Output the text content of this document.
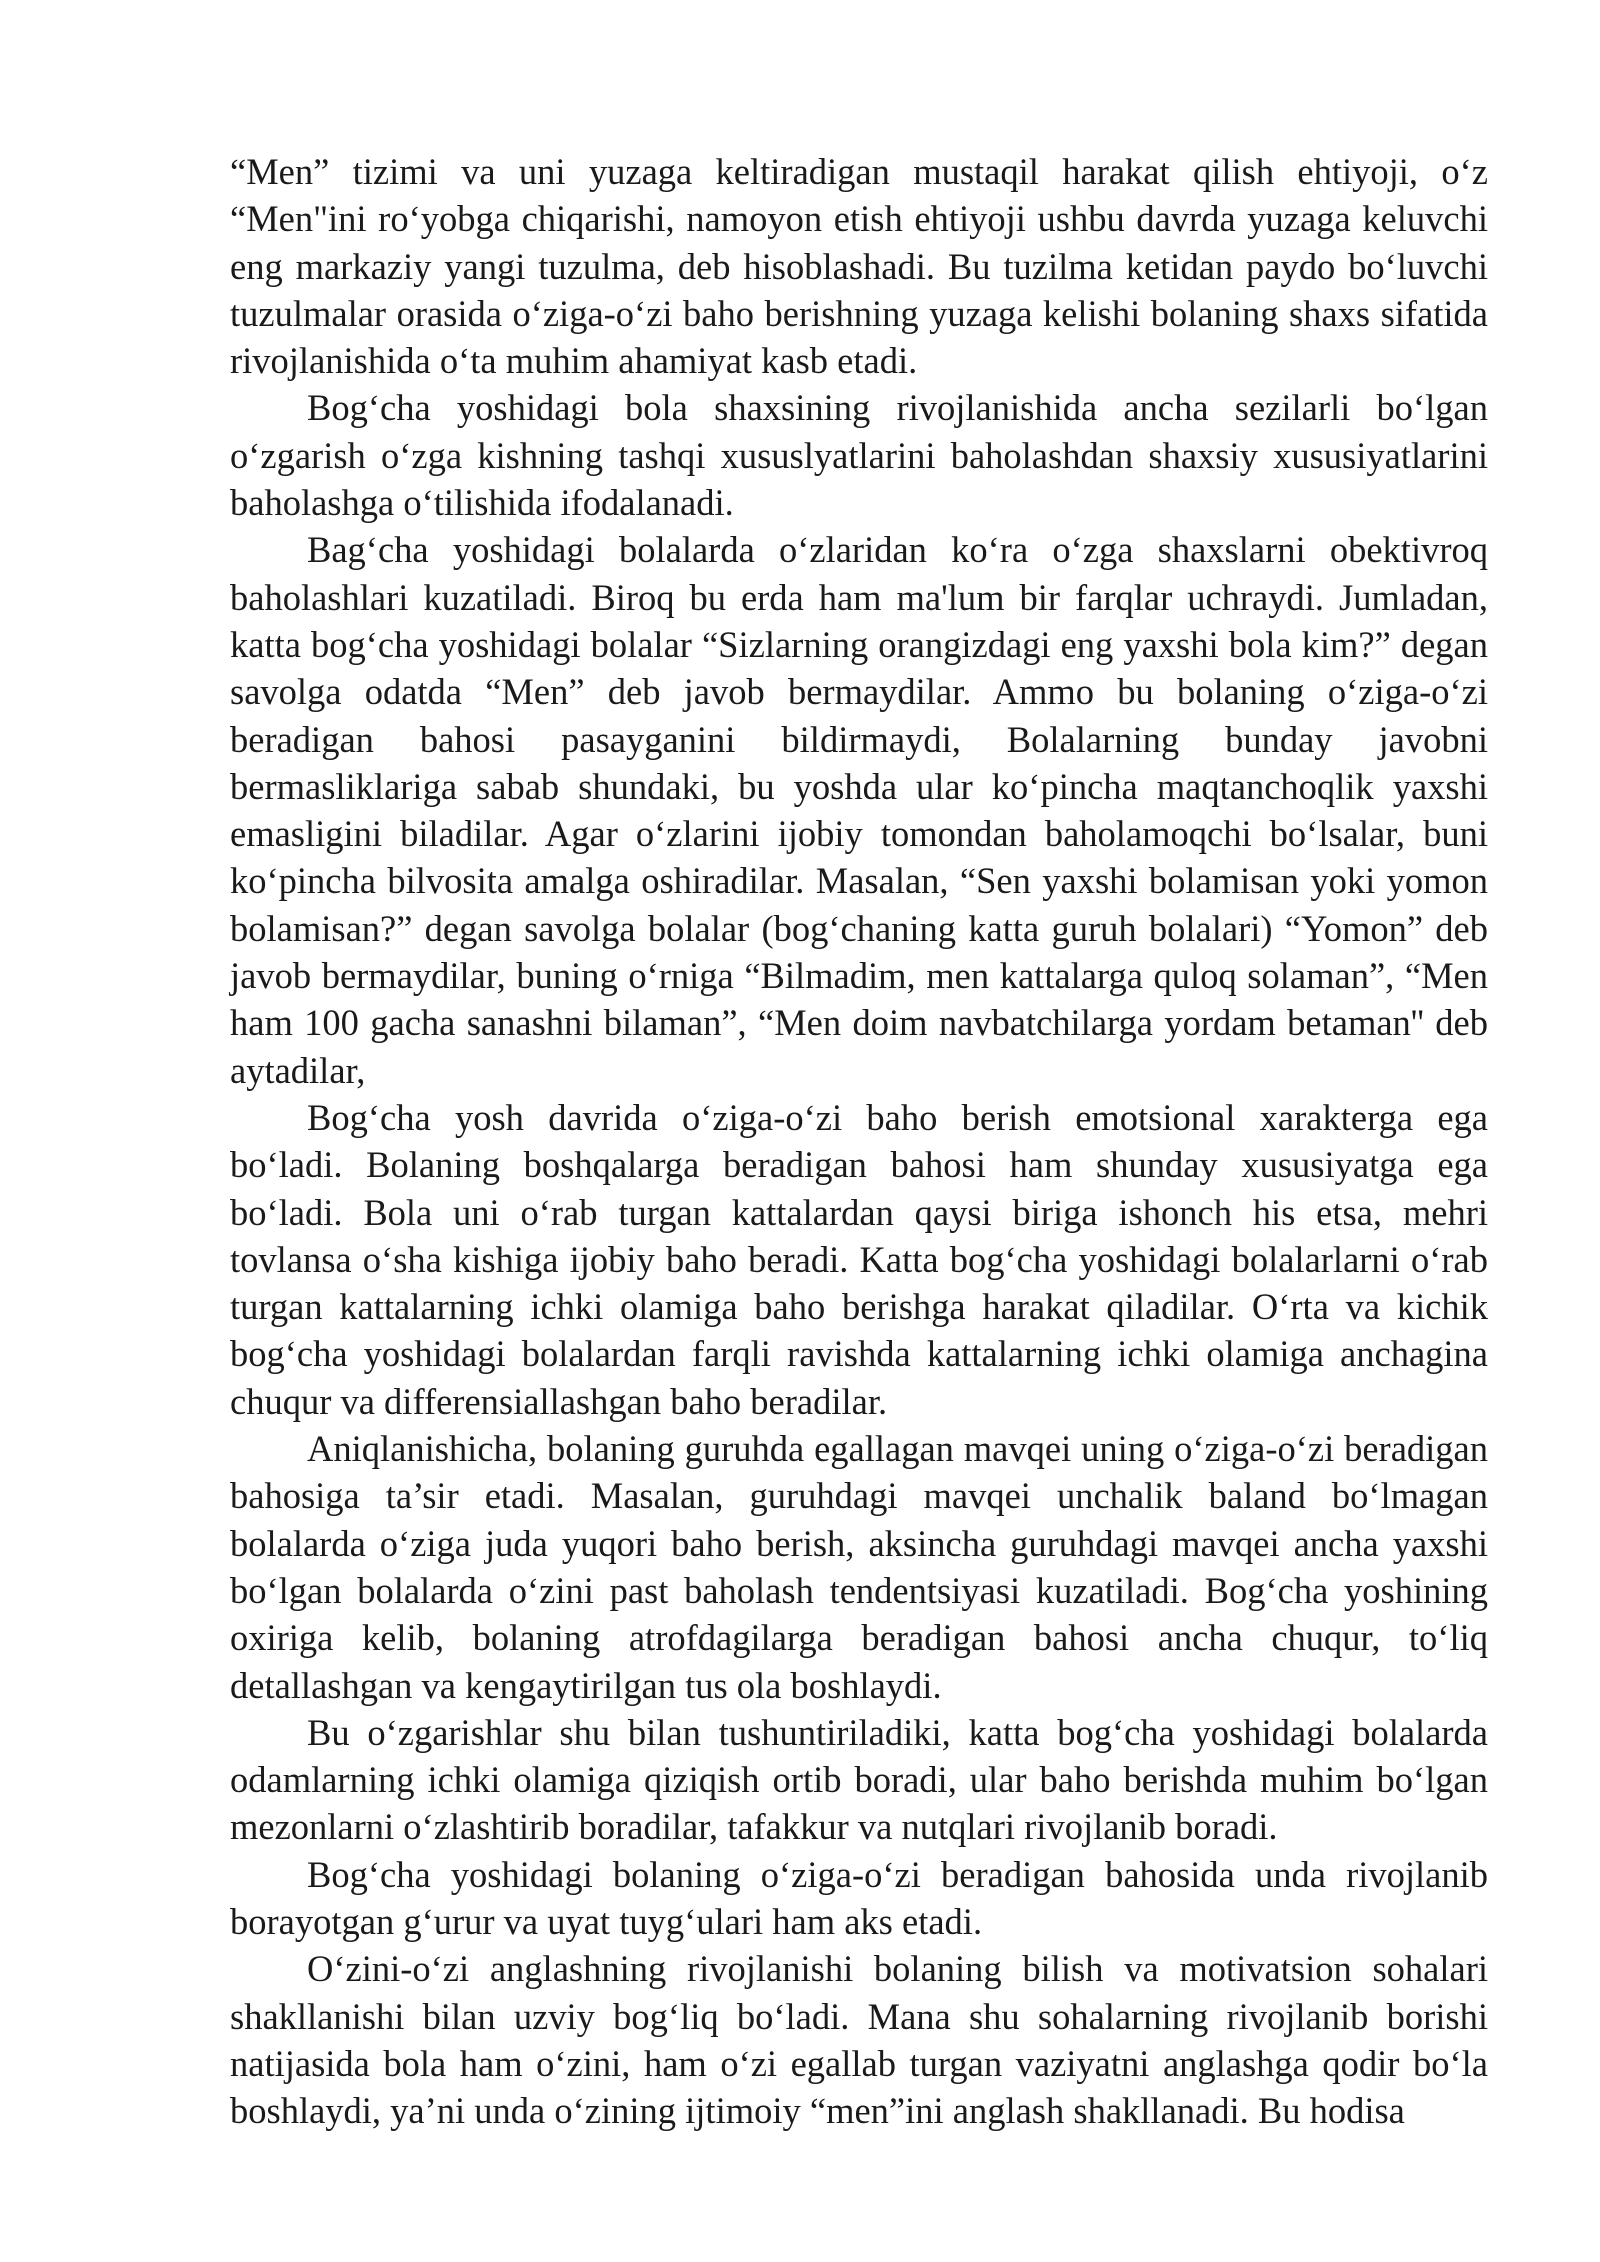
“Men” tizimi va uni yuzaga keltiradigan mustaqil harakat qilish ehtiyoji, o‘z “Men"ini ro‘yobga chiqarishi, namoyon etish ehtiyoji ushbu davrda yuzaga keluvchi eng markaziy yangi tuzulma, deb hisoblashadi. Bu tuzilma ketidan paydo bo‘luvchi tuzulmalar orasida o‘ziga-o‘zi baho berishning yuzaga kelishi bolaning shaxs sifatida rivojlanishida o‘ta muhim ahamiyat kasb etadi.

Bog‘cha yoshidagi bola shaxsining rivojlanishida ancha sezilarli bo‘lgan o‘zgarish o‘zga kishning tashqi xususlyatlarini baholashdan shaxsiy xususiyatlarini baholashga o‘tilishida ifodalanadi.

Bag‘cha yoshidagi bolalarda o‘zlaridan ko‘ra o‘zga shaxslarni obektivroq baholashlari kuzatiladi. Biroq bu erda ham ma'lum bir farqlar uchraydi. Jumladan, katta bog‘cha yoshidagi bolalar “Sizlarning orangizdagi eng yaxshi bola kim?” degan savolga odatda “Men” deb javob bermaydilar. Ammo bu bolaning o‘ziga-o‘zi beradigan bahosi pasayganini bildirmaydi, Bolalarning bunday javobni bermasliklariga sabab shundaki, bu yoshda ular ko‘pincha maqtanchoqlik yaxshi emasligini biladilar. Agar o‘zlarini ijobiy tomondan baholamoqchi bo‘lsalar, buni ko‘pincha bilvosita amalga oshiradilar. Masalan, “Sen yaxshi bolamisan yoki yomon bolamisan?” degan savolga bolalar (bog‘chaning katta guruh bolalari) “Yomon” deb javob bermaydilar, buning o‘rniga “Bilmadim, men kattalarga quloq solaman”, “Men ham 100 gacha sanashni bilaman”, “Men doim navbatchilarga yordam betaman'' deb aytadilar,

Bog‘cha yosh davrida o‘ziga-o‘zi baho berish emotsional xarakterga ega bo‘ladi. Bolaning boshqalarga beradigan bahosi ham shunday xususiyatga ega bo‘ladi. Bola uni o‘rab turgan kattalardan qaysi biriga ishonch his etsa, mehri tovlansa o‘sha kishiga ijobiy baho beradi. Katta bog‘cha yoshidagi bolalarlarni o‘rab turgan kattalarning ichki olamiga baho berishga harakat qiladilar. O‘rta va kichik bog‘cha yoshidagi bolalardan farqli ravishda kattalarning ichki olamiga anchagina chuqur va differensiallashgan baho beradilar.

Aniqlanishicha, bolaning guruhda egallagan mavqei uning o‘ziga-o‘zi beradigan bahosiga ta’sir etadi. Masalan, guruhdagi mavqei unchalik baland bo‘lmagan bolalarda o‘ziga juda yuqori baho berish, aksincha guruhdagi mavqei ancha yaxshi bo‘lgan bolalarda o‘zini past baholash tendentsiyasi kuzatiladi. Bog‘cha yoshining oxiriga kelib, bolaning atrofdagilarga beradigan bahosi ancha chuqur, to‘liq detallashgan va kengaytirilgan tus ola boshlaydi.

Bu o‘zgarishlar shu bilan tushuntiriladiki, katta bog‘cha yoshidagi bolalarda odamlarning ichki olamiga qiziqish ortib boradi, ular baho berishda muhim bo‘lgan mezonlarni o‘zlashtirib boradilar, tafakkur va nutqlari rivojlanib boradi.

Bog‘cha yoshidagi bolaning o‘ziga-o‘zi beradigan bahosida unda rivojlanib borayotgan g‘urur va uyat tuyg‘ulari ham aks etadi.

O‘zini-o‘zi anglashning rivojlanishi bolaning bilish va motivatsion sohalari shakllanishi bilan uzviy bog‘liq bo‘ladi. Mana shu sohalarning rivojlanib borishi natijasida bola ham o‘zini, ham o‘zi egallab turgan vaziyatni anglashga qodir bo‘la boshlaydi, ya’ni unda o‘zining ijtimoiy “men”ini anglash shakllanadi. Bu hodisa
